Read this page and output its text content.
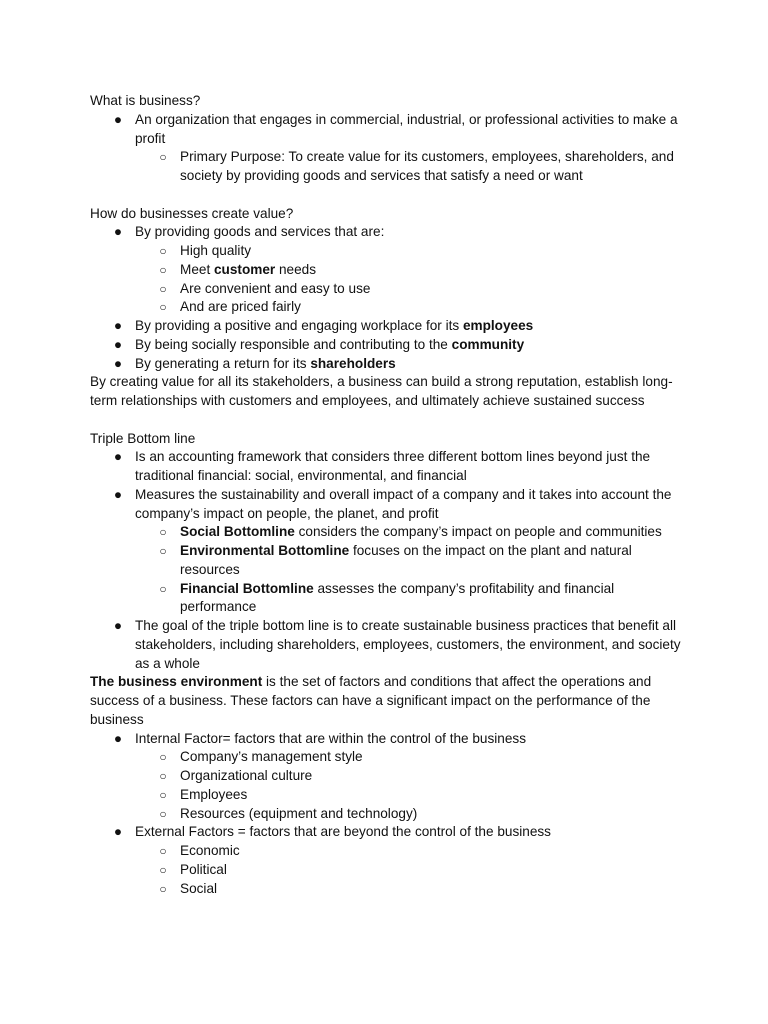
What is business?

● An organization that engages in commercial, industrial, or professional activities to make a profit
○ Primary Purpose: To create value for its customers, employees, shareholders, and society by providing goods and services that satisfy a need or want

How do businesses create value?

● By providing goods and services that are:
○ High quality
○ Meet customer needs
○ Are convenient and easy to use
○ And are priced fairly
● By providing a positive and engaging workplace for its employees
● By being socially responsible and contributing to the community
● By generating a return for its shareholders

By creating value for all its stakeholders, a business can build a strong reputation, establish long-term relationships with customers and employees, and ultimately achieve sustained success

Triple Bottom line

● Is an accounting framework that considers three different bottom lines beyond just the traditional financial: social, environmental, and financial
● Measures the sustainability and overall impact of a company and it takes into account the company’s impact on people, the planet, and profit
○ Social Bottomline considers the company’s impact on people and communities
○ Environmental Bottomline focuses on the impact on the plant and natural resources
○ Financial Bottomline assesses the company’s profitability and financial performance
● The goal of the triple bottom line is to create sustainable business practices that benefit all stakeholders, including shareholders, employees, customers, the environment, and society as a whole

The business environment is the set of factors and conditions that affect the operations and success of a business. These factors can have a significant impact on the performance of the business

● Internal Factor= factors that are within the control of the business
○ Company’s management style
○ Organizational culture
○ Employees
○ Resources (equipment and technology)
● External Factors = factors that are beyond the control of the business
○ Economic
○ Political
○ Social
